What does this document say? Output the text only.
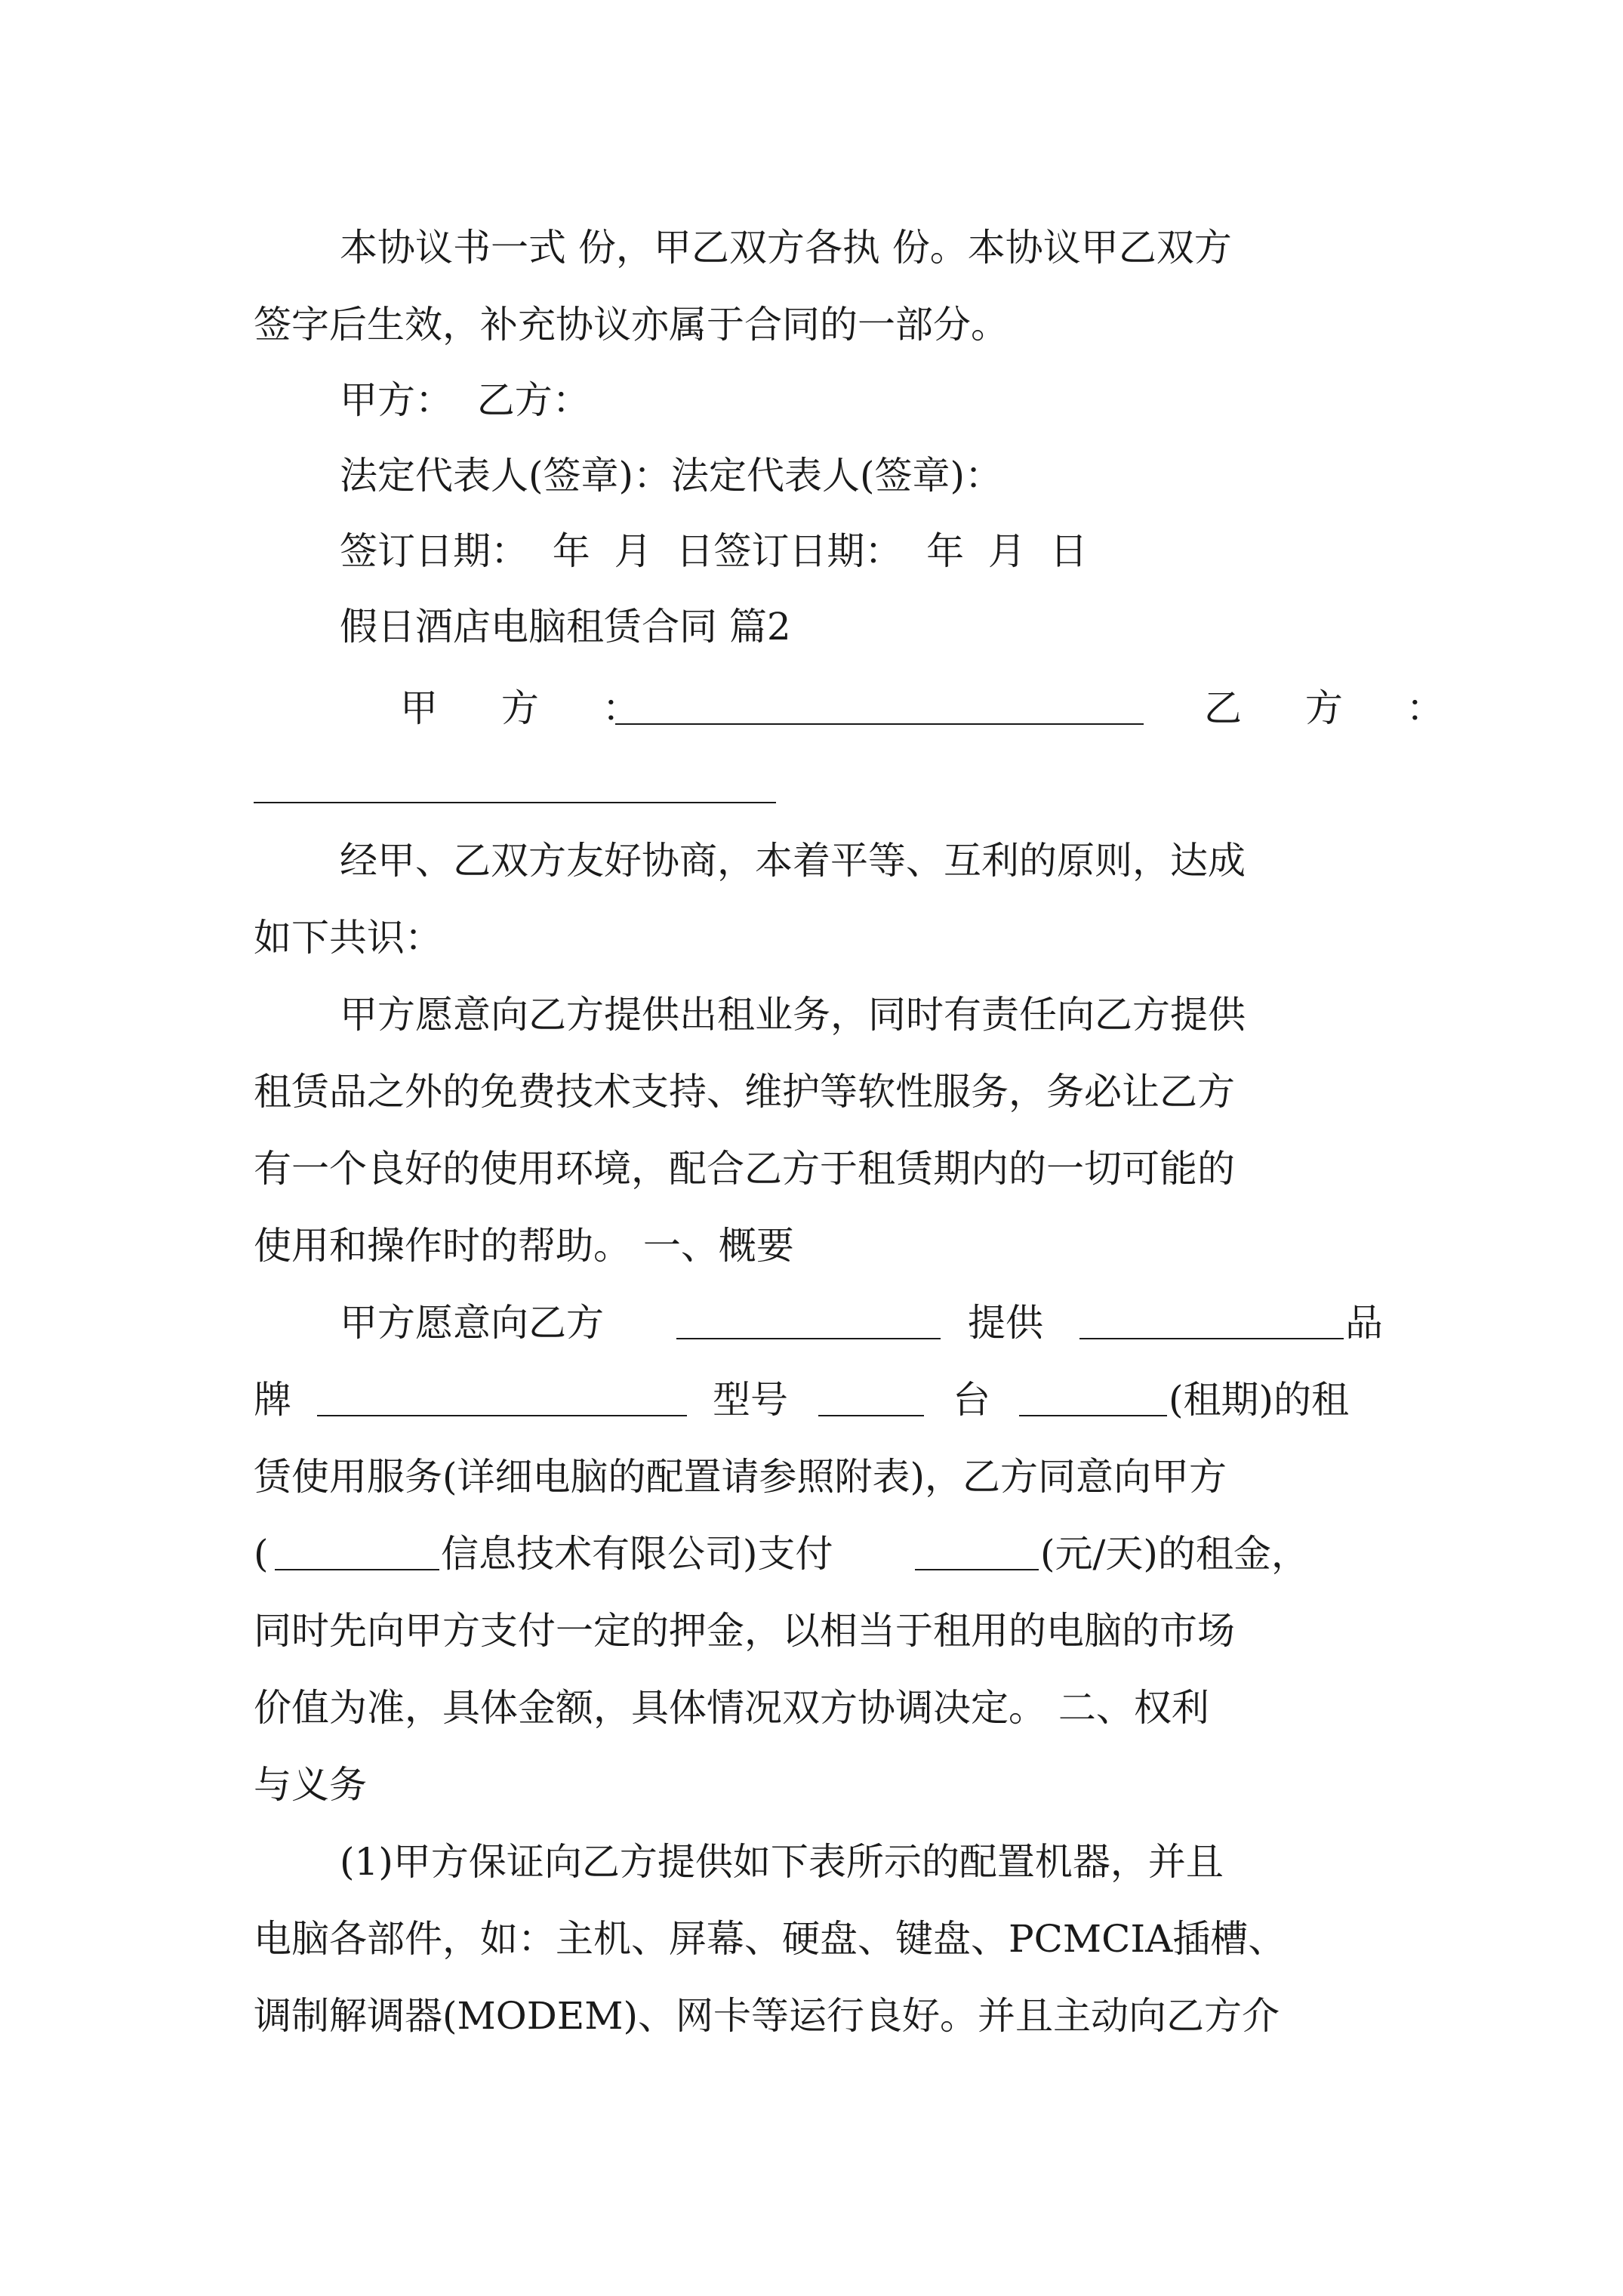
本协议书一式 份，甲乙双方各执 份。本协议甲乙双方
签字后生效，补充协议亦属于合同的一部分。
甲方：  乙方：
法定代表人(签章)：法定代表人(签章)：
签订日期：  年  月  日签订日期：  年  月  日
假日酒店电脑租赁合同 篇2
甲 方 ：	乙 方 ：
经甲、乙双方友好协商，本着平等、互利的原则，达成
如下共识：
甲方愿意向乙方提供出租业务，同时有责任向乙方提供
租赁品之外的免费技术支持、维护等软性服务，务必让乙方
有一个良好的使用环境，配合乙方于租赁期内的一切可能的
使用和操作时的帮助。 一、概要
甲方愿意向乙方	提供	品
牌	型号	台	(租期)的租
赁使用服务(详细电脑的配置请参照附表)，乙方同意向甲方
(	信息技术有限公司)支付	(元/天)的租金，
同时先向甲方支付一定的押金，以相当于租用的电脑的市场
价值为准，具体金额，具体情况双方协调决定。 二、权利
与义务
(1)甲方保证向乙方提供如下表所示的配置机器，并且
电脑各部件，如：主机、屏幕、硬盘、键盘、PCMCIA插槽、
调制解调器(MODEM)、网卡等运行良好。并且主动向乙方介
